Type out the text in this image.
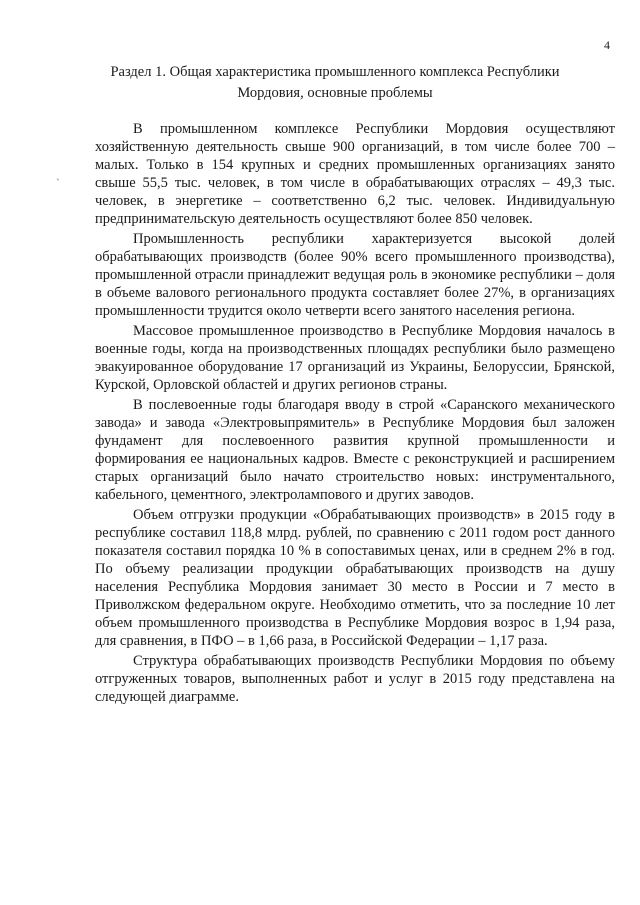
4
Раздел 1. Общая характеристика промышленного комплекса Республики Мордовия, основные проблемы
`

В промышленном комплексе Республики Мордовия осуществляют хозяйственную деятельность свыше 900 организаций, в том числе более 700 – малых. Только в 154 крупных и средних промышленных организациях занято свыше 55,5 тыс. человек, в том числе в обрабатывающих отраслях – 49,3 тыс. человек, в энергетике – соответственно 6,2 тыс. человек. Индивидуальную предпринимательскую деятельность осуществляют более 850 человек.

Промышленность республики характеризуется высокой долей обрабатывающих производств (более 90% всего промышленного производства), промышленной отрасли принадлежит ведущая роль в экономике республики – доля в объеме валового регионального продукта составляет более 27%, в организациях промышленности трудится около четверти всего занятого населения региона.

Массовое промышленное производство в Республике Мордовия началось в военные годы, когда на производственных площадях республики было размещено эвакуированное оборудование 17 организаций из Украины, Белоруссии, Брянской, Курской, Орловской областей и других регионов страны.

В послевоенные годы благодаря вводу в строй «Саранского механического завода» и завода «Электровыпрямитель» в Республике Мордовия был заложен фундамент для послевоенного развития крупной промышленности и формирования ее национальных кадров. Вместе с реконструкцией и расширением старых организаций было начато строительство новых: инструментального, кабельного, цементного, электролампового и других заводов.

Объем отгрузки продукции «Обрабатывающих производств» в 2015 году в республике составил 118,8 млрд. рублей, по сравнению с 2011 годом рост данного показателя составил порядка 10 % в сопоставимых ценах, или в среднем 2% в год. По объему реализации продукции обрабатывающих производств на душу населения Республика Мордовия занимает 30 место в России и 7 место в Приволжском федеральном округе. Необходимо отметить, что за последние 10 лет объем промышленного производства в Республике Мордовия возрос в 1,94 раза, для сравнения, в ПФО – в 1,66 раза, в Российской Федерации – 1,17 раза.

Структура обрабатывающих производств Республики Мордовия по объему отгруженных товаров, выполненных работ и услуг в 2015 году представлена на следующей диаграмме.
